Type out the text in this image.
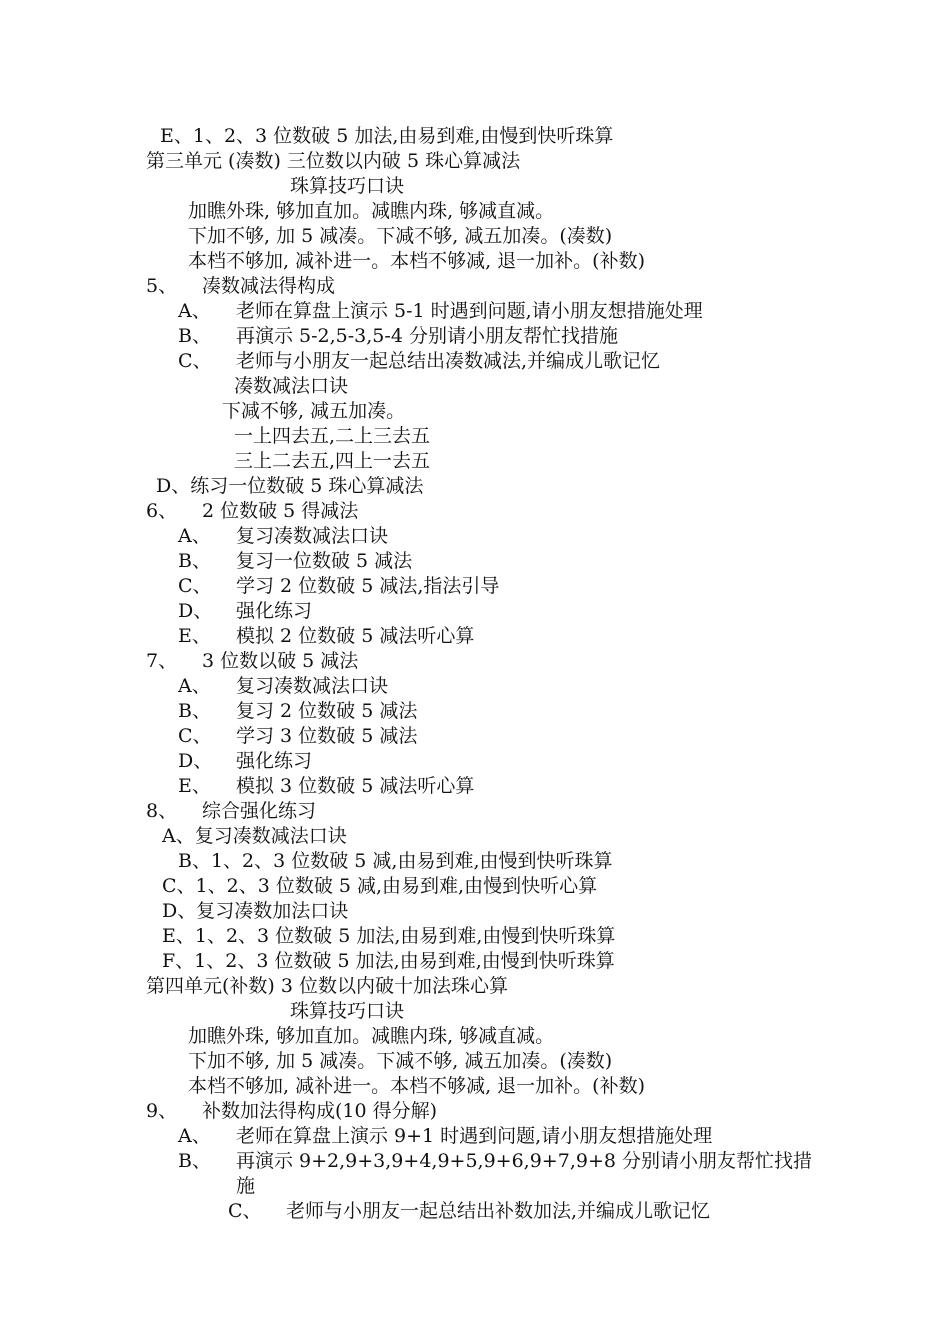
E、1、2、3 位数破 5 加法,由易到难,由慢到快听珠算
第三单元 (凑数) 三位数以内破 5 珠心算减法
珠算技巧口诀
加瞧外珠, 够加直加。减瞧内珠, 够减直减。
下加不够, 加 5 减凑。下减不够, 减五加凑。(凑数)
本档不够加, 减补进一。本档不够减, 退一加补。(补数)
5、 凑数减法得构成
A、 老师在算盘上演示 5-1 时遇到问题,请小朋友想措施处理
B、 再演示 5-2,5-3,5-4 分别请小朋友帮忙找措施
C、 老师与小朋友一起总结出凑数减法,并编成儿歌记忆
凑数减法口诀
下减不够, 减五加凑。
一上四去五,二上三去五
三上二去五,四上一去五
D、练习一位数破 5 珠心算减法
6、 2 位数破 5 得减法
A、 复习凑数减法口诀
B、 复习一位数破 5 减法
C、 学习 2 位数破 5 减法,指法引导
D、 强化练习
E、 模拟 2 位数破 5 减法听心算
7、 3 位数以破 5 减法
A、 复习凑数减法口诀
B、 复习 2 位数破 5 减法
C、 学习 3 位数破 5 减法
D、 强化练习
E、 模拟 3 位数破 5 减法听心算
8、 综合强化练习
A、复习凑数减法口诀
B、1、2、3 位数破 5 减,由易到难,由慢到快听珠算
C、1、2、3 位数破 5 减,由易到难,由慢到快听心算
D、复习凑数加法口诀
E、1、2、3 位数破 5 加法,由易到难,由慢到快听珠算
F、1、2、3 位数破 5 加法,由易到难,由慢到快听珠算
第四单元(补数) 3 位数以内破十加法珠心算
珠算技巧口诀
加瞧外珠, 够加直加。减瞧内珠, 够减直减。
下加不够, 加 5 减凑。下减不够, 减五加凑。(凑数)
本档不够加, 减补进一。本档不够减, 退一加补。(补数)
9、 补数加法得构成(10 得分解)
A、 老师在算盘上演示 9+1 时遇到问题,请小朋友想措施处理
B、 再演示 9+2,9+3,9+4,9+5,9+6,9+7,9+8 分别请小朋友帮忙找措
施
C、 老师与小朋友一起总结出补数加法,并编成儿歌记忆
